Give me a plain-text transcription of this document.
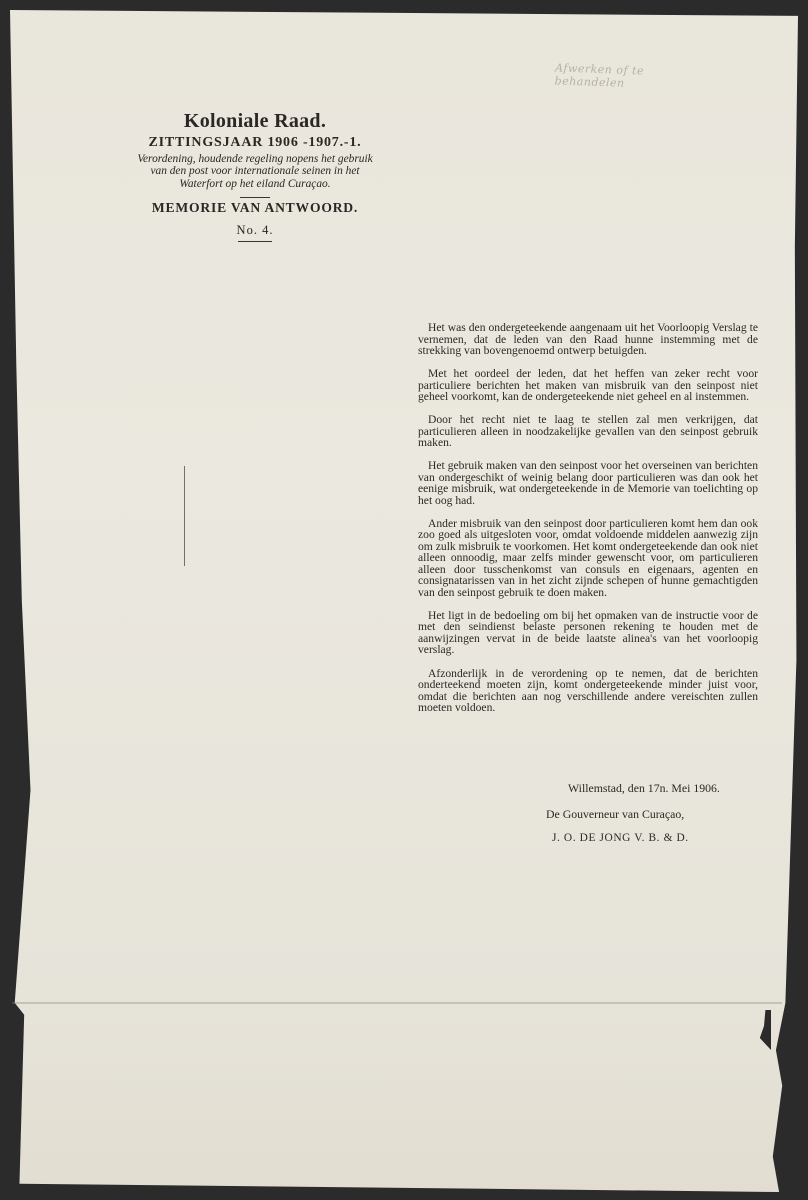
Afwerken of te behandelen
Koloniale Raad.
ZITTINGSJAAR 1906 -1907.-1.
Verordening, houdende regeling nopens het gebruik van den post voor internationale seinen in het Waterfort op het eiland Curaçao.
MEMORIE VAN ANTWOORD.
No. 4.

Het was den ondergeteekende aangenaam uit het Voorloopig Verslag te vernemen, dat de leden van den Raad hunne instemming met de strekking van bovengenoemd ontwerp betuigden.

Met het oordeel der leden, dat het heffen van zeker recht voor particuliere berichten het maken van misbruik van den seinpost niet geheel voorkomt, kan de ondergeteekende niet geheel en al instemmen.

Door het recht niet te laag te stellen zal men verkrijgen, dat particulieren alleen in noodzakelijke gevallen van den seinpost gebruik maken.

Het gebruik maken van den seinpost voor het overseinen van berichten van ondergeschikt of weinig belang door particulieren was dan ook het eenige misbruik, wat ondergeteekende in de Memorie van toelichting op het oog had.

Ander misbruik van den seinpost door particulieren komt hem dan ook zoo goed als uitgesloten voor, omdat voldoende middelen aanwezig zijn om zulk misbruik te voorkomen. Het komt ondergeteekende dan ook niet alleen onnoodig, maar zelfs minder gewenscht voor, om particulieren alleen door tusschenkomst van consuls en eigenaars, agenten en consignatarissen van in het zicht zijnde schepen of hunne gemachtigden van den seinpost gebruik te doen maken.

Het ligt in de bedoeling om bij het opmaken van de instructie voor de met den seindienst belaste personen rekening te houden met de aanwijzingen vervat in de beide laatste alinea's van het voorloopig verslag.

Afzonderlijk in de verordening op te nemen, dat de berichten onderteekend moeten zijn, komt ondergeteekende minder juist voor, omdat die berichten aan nog verschillende andere vereischten zullen moeten voldoen.

Willemstad, den 17n. Mei 1906.
De Gouverneur van Curaçao,
J. O. DE JONG V. B. & D.
